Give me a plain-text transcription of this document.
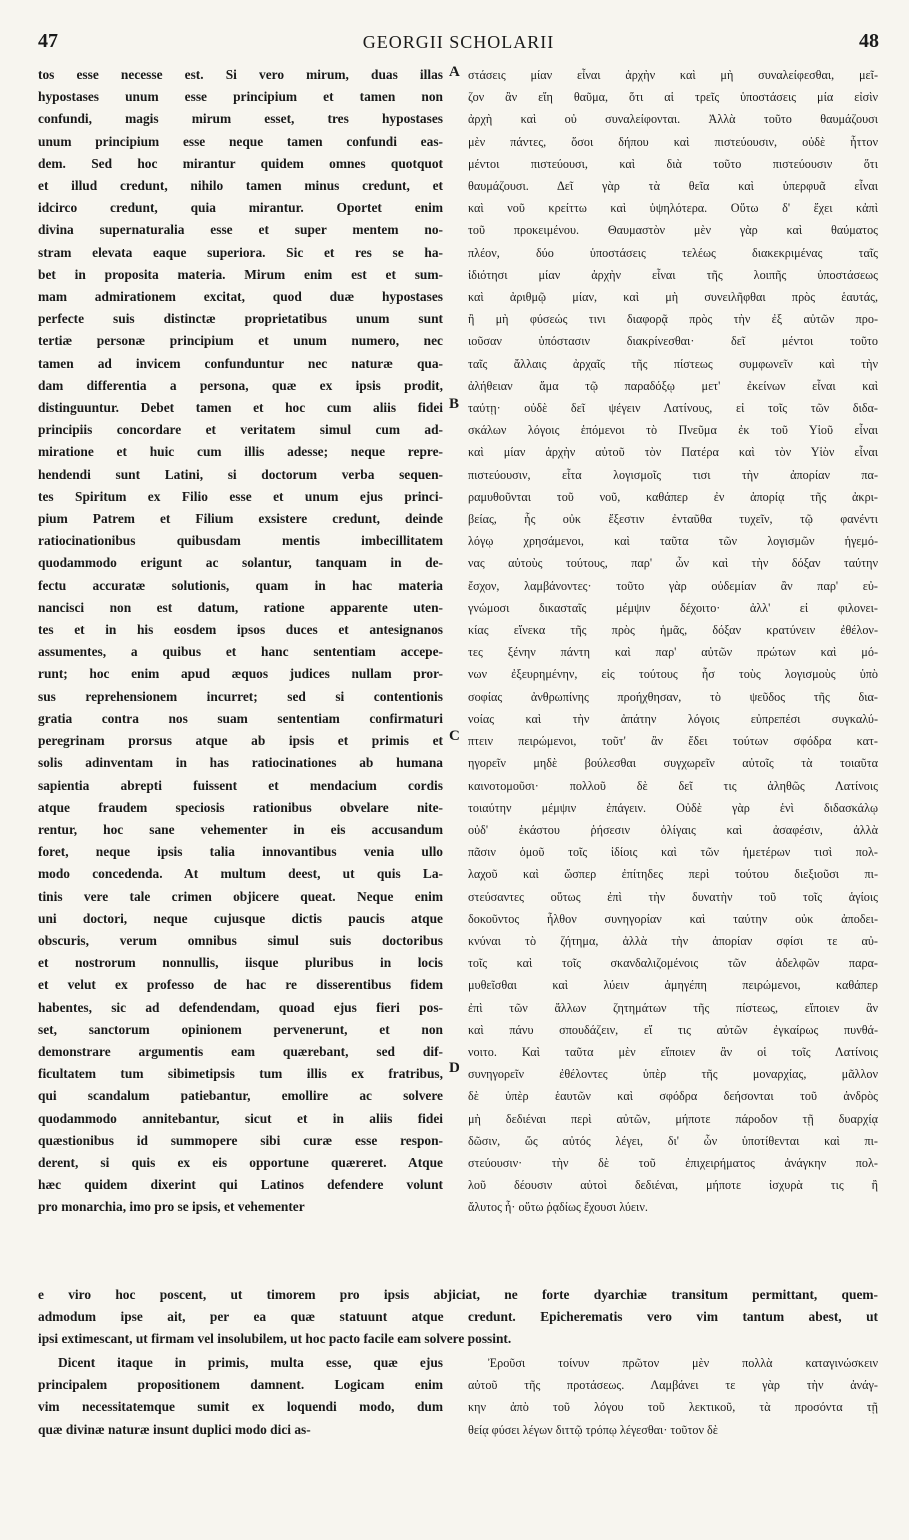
47	GEORGII SCHOLARII	48
tos esse necesse est. Si vero mirum, duas illas
hypostases unum esse principium et tamen non
confundi, magis mirum esset, tres hypostases
unum principium esse neque tamen confundi eas-
dem. Sed hoc mirantur quidem omnes quotquot
et illud credunt, nihilo tamen minus credunt, et
idcirco credunt, quia mirantur. Oportet enim
divina supernaturalia esse et super mentem no-
stram elevata eaque superiora. Sic et res se ha-
bet in proposita materia. Mirum enim est et sum-
mam admirationem excitat, quod duæ hypostases
perfecte suis distinctæ proprietatibus unum sunt
tertiæ personæ principium et unum numero, nec
tamen ad invicem confunduntur nec naturæ qua-
dam differentia a persona, quæ ex ipsis prodit,
distinguuntur. Debet tamen et hoc cum aliis fidei
principiis concordare et veritatem simul cum ad-
miratione et huic cum illis adesse; neque repre-
hendendi sunt Latini, si doctorum verba sequen-
tes Spiritum ex Filio esse et unum ejus princi-
pium Patrem et Filium exsistere credunt, deinde
ratiocinationibus quibusdam mentis imbecillitatem
quodammodo erigunt ac solantur, tanquam in de-
fectu accuratæ solutionis, quam in hac materia
nancisci non est datum, ratione apparente uten-
tes et in his eosdem ipsos duces et antesignanos
assumentes, a quibus et hanc sententiam accepe-
runt; hoc enim apud æquos judices nullam pror-
sus reprehensionem incurret; sed si contentionis
gratia contra nos suam sententiam confirmaturi
peregrinam prorsus atque ab ipsis et primis et
solis adinventam in has ratiocinationes ab humana
sapientia abrepti fuissent et mendacium cordis
atque fraudem speciosis rationibus obvelare nite-
rentur, hoc sane vehementer in eis accusandum
foret, neque ipsis talia innovantibus venia ullo
modo concedenda. At multum deest, ut quis La-
tinis vere tale crimen objicere queat. Neque enim
uni doctori, neque cujusque dictis paucis atque
obscuris, verum omnibus simul suis doctoribus
et nostrorum nonnullis, iisque pluribus in locis
et velut ex professo de hac re disserentibus fidem
habentes, sic ad defendendam, quoad ejus fieri pos-
set, sanctorum opinionem pervenerunt, et non
demonstrare argumentis eam quærebant, sed dif-
ficultatem tum sibimetipsis tum illis ex fratribus,
qui scandalum patiebantur, emollire ac solvere
quodammodo annitebantur, sicut et in aliis fidei
quæstionibus id summopere sibi curæ esse respon-
derent, si quis ex eis opportune quæreret. Atque
hæc quidem dixerint qui Latinos defendere volunt
pro monarchia, imo pro se ipsis, et vehementer
στάσεις μίαν εἶναι ἀρχὴν καὶ μὴ συναλείφεσθαι, μεῖ-
ζον ἂν εἴη θαῦμα, ὅτι αἱ τρεῖς ὑποστάσεις μία εἰσὶν
ἀρχὴ καὶ οὐ συναλείφονται. Ἀλλὰ τοῦτο θαυμάζουσι
μὲν πάντες, ὅσοι δήπου καὶ πιστεύουσιν, οὐδὲ ἧττον
μέντοι πιστεύουσι, καὶ διὰ τοῦτο πιστεύουσιν ὅτι
θαυμάζουσι. Δεῖ γὰρ τὰ θεῖα καὶ ὑπερφυᾶ εἶναι
καὶ νοῦ κρείττω καὶ ὑψηλότερα. Οὕτω δ' ἔχει κἀπὶ
τοῦ προκειμένου. Θαυμαστὸν μὲν γὰρ καὶ θαύματος
πλέον, δύο ὑποστάσεις τελέως διακεκριμένας ταῖς
ἰδιότησι μίαν ἀρχὴν εἶναι τῆς λοιπῆς ὑποστάσεως
καὶ ἀριθμῷ μίαν, καὶ μὴ συνειλῆφθαι πρὸς ἑαυτάς,
ἢ μὴ φύσεώς τινι διαφορᾷ πρὸς τὴν ἐξ αὐτῶν προ-
ιοῦσαν ὑπόστασιν διακρίνεσθαι· δεῖ μέντοι τοῦτο
ταῖς ἄλλαις ἀρχαῖς τῆς πίστεως συμφωνεῖν καὶ τὴν
ἀλήθειαν ἅμα τῷ παραδόξῳ μετ' ἐκείνων εἶναι καὶ
ταύτῃ· οὐδὲ δεῖ ψέγειν Λατίνους, εἰ τοῖς τῶν διδα-
σκάλων λόγοις ἑπόμενοι τὸ Πνεῦμα ἐκ τοῦ Υἱοῦ εἶναι
καὶ μίαν ἀρχὴν αὐτοῦ τὸν Πατέρα καὶ τὸν Υἱὸν εἶναι
πιστεύουσιν, εἶτα λογισμοῖς τισι τὴν ἀπορίαν πα-
ραμυθοῦνται τοῦ νοῦ, καθάπερ ἐν ἀπορίᾳ τῆς ἀκρι-
βείας, ἧς οὐκ ἔξεστιν ἐνταῦθα τυχεῖν, τῷ φανέντι
λόγῳ χρησάμενοι, καὶ ταῦτα τῶν λογισμῶν ἡγεμό-
νας αὐτοὺς τούτους, παρ' ὧν καὶ τὴν δόξαν ταύτην
ἔσχον, λαμβάνοντες· τοῦτο γὰρ οὐδεμίαν ἂν παρ' εὐ-
γνώμοσι δικασταῖς μέμψιν δέχοιτο· ἀλλ' εἰ φιλονει-
κίας εἵνεκα τῆς πρὸς ἡμᾶς, δόξαν κρατύνειν ἐθέλον-
τες ξένην πάντη καὶ παρ' αὐτῶν πρώτων καὶ μό-
νων ἐξευρημένην, εἰς τούτους ἦσ τοὺς λογισμοὺς ὑπὸ
σοφίας ἀνθρωπίνης προήχθησαν, τὸ ψεῦδος τῆς δια-
νοίας καὶ τὴν ἀπάτην λόγοις εὐπρεπέσι συγκαλύ-
πτειν πειρώμενοι, τοῦτ' ἂν ἔδει τούτων σφόδρα κατ-
ηγορεῖν μηδὲ βούλεσθαι συγχωρεῖν αὐτοῖς τὰ τοιαῦτα
καινοτομοῦσι· πολλοῦ δὲ δεῖ τις ἀληθῶς Λατίνοις
τοιαύτην μέμψιν ἐπάγειν. Οὐδὲ γὰρ ἑνὶ διδασκάλῳ
οὐδ' ἑκάστου ῥήσεσιν ὀλίγαις καὶ ἀσαφέσιν, ἀλλὰ
πᾶσιν ὁμοῦ τοῖς ἰδίοις καὶ τῶν ἡμετέρων τισὶ πολ-
λαχοῦ καὶ ὥσπερ ἐπίτηδες περὶ τούτου διεξιοῦσι πι-
στεύσαντες οὕτως ἐπὶ τὴν δυνατὴν τοῦ τοῖς ἁγίοις
δοκοῦντος ἦλθον συνηγορίαν καὶ ταύτην οὐκ ἀποδει-
κνύναι τὸ ζήτημα, ἀλλὰ τὴν ἀπορίαν σφίσι τε αὐ-
τοῖς καὶ τοῖς σκανδαλιζομένοις τῶν ἀδελφῶν παρα-
μυθεῖσθαι καὶ λύειν ἁμηγέπη πειρώμενοι, καθάπερ
ἐπὶ τῶν ἄλλων ζητημάτων τῆς πίστεως, εἴποιεν ἂν
καὶ πάνυ σπουδάζειν, εἴ τις αὐτῶν ἐγκαίρως πυνθά-
νοιτο. Καὶ ταῦτα μὲν εἴποιεν ἂν οἱ τοῖς Λατίνοις
συνηγορεῖν ἐθέλοντες ὑπὲρ τῆς μοναρχίας, μᾶλλον
δὲ ὑπὲρ ἑαυτῶν καὶ σφόδρα δεήσονται τοῦ ἀνδρὸς
μὴ δεδιέναι περὶ αὐτῶν, μήποτε πάροδον τῇ δυαρχίᾳ
δῶσιν, ὥς αὐτός λέγει, δι' ὧν ὑποτίθενται καὶ πι-
στεύουσιν· τὴν δὲ τοῦ ἐπιχειρήματος ἀνάγκην πολ-
λοῦ δέουσιν αὐτοὶ δεδιέναι, μήποτε ἰσχυρὰ τις ἢ
ἄλυτος ἦ· οὕτω ῥᾳδίως ἔχουσι λύειν.
A
B
C
D
e viro hoc poscent, ut timorem pro ipsis abjiciat, ne forte dyarchiæ transitum permittant, quem-
admodum ipse ait, per ea quæ statuunt atque credunt. Epicherematis vero vim tantum abest, ut
ipsi extimescant, ut firmam vel insolubilem, ut hoc pacto facile eam solvere possint.
Dicent itaque in primis, multa esse, quæ ejus
principalem propositionem damnent. Logicam enim
vim necessitatemque sumit ex loquendi modo, dum
quæ divinæ naturæ insunt duplici modo dici as-
Ἐροῦσι τοίνυν πρῶτον μὲν πολλὰ καταγινώσκειν
αὐτοῦ τῆς προτάσεως. Λαμβάνει τε γὰρ τὴν ἀνάγ-
κην ἀπὸ τοῦ λόγου τοῦ λεκτικοῦ, τὰ προσόντα τῇ
θείᾳ φύσει λέγων διττῷ τρόπῳ λέγεσθαι· τοῦτον δὲ
